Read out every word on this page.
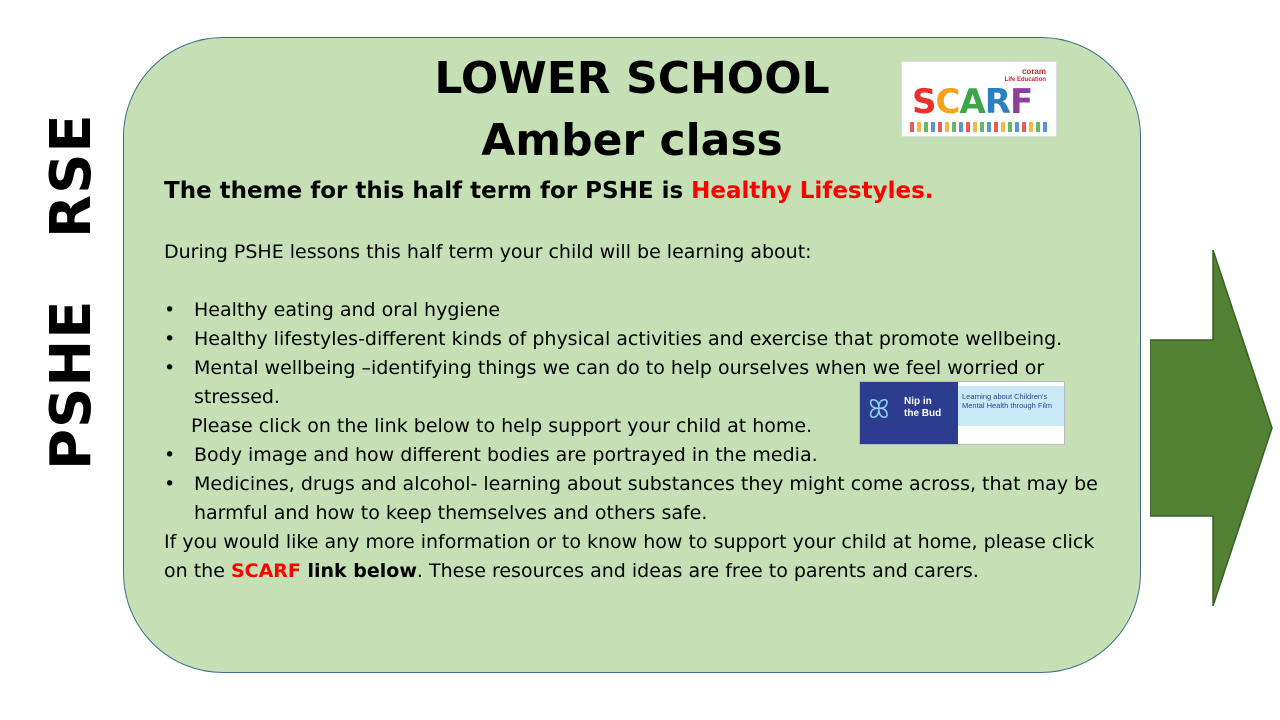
PSHE   RSE
LOWER SCHOOL
Amber class
coram
Life Education
SCARF
The theme for this half term for PSHE is Healthy Lifestyles.

During PSHE lessons this half term your child will be learning about:

• Healthy eating and oral hygiene
• Healthy lifestyles-different kinds of physical activities and exercise that promote wellbeing.
• Mental wellbeing –identifying things we can do to help ourselves when we feel worried or stressed.

Please click on the link below to help support your child at home.

• Body image and how different bodies are portrayed in the media.
• Medicines, drugs and alcohol- learning about substances they might come across, that may be harmful and how to keep themselves and others safe.

If you would like any more information or to know how to support your child at home, please click on the SCARF link below. These resources and ideas are free to parents and carers.

ꕤ Nip in
the Bud
Learning about Children's Mental Health through Film
